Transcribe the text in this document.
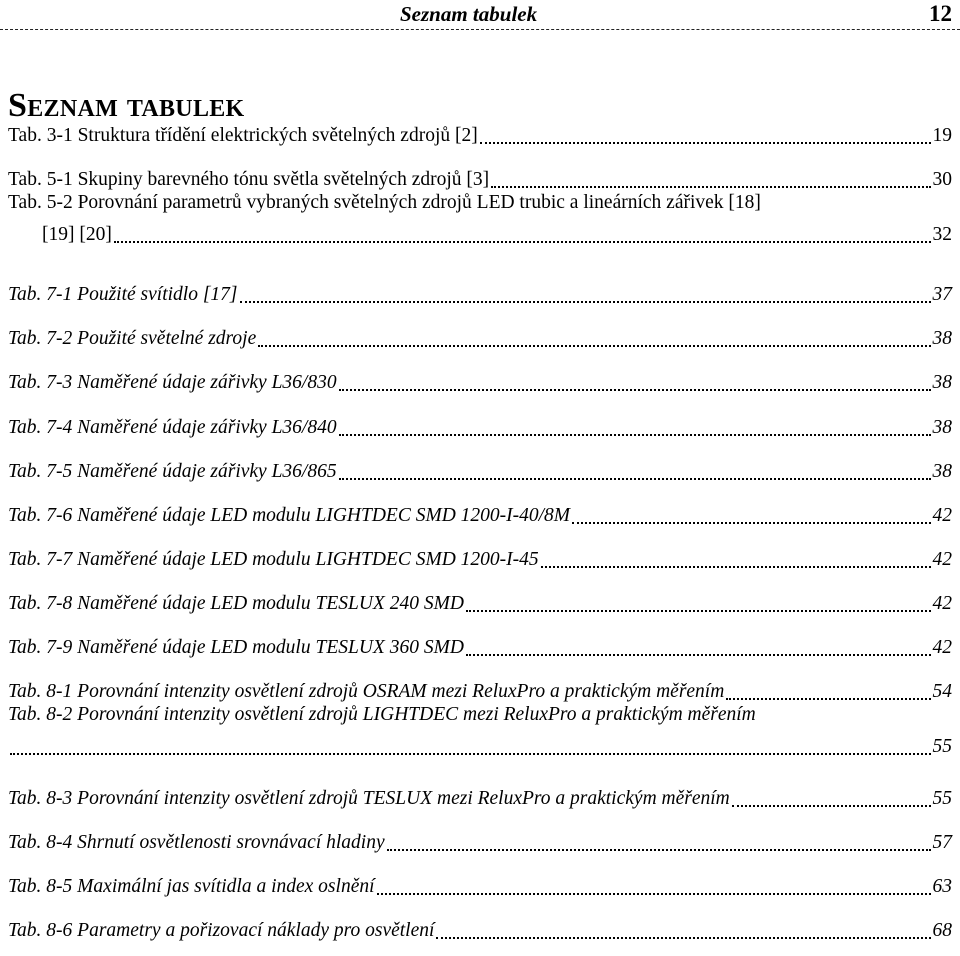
Seznam tabulek	12
Seznam tabulek
Tab. 3-1 Struktura třídění elektrických světelných zdrojů [2]	19
Tab. 5-1 Skupiny barevného tónu světla světelných zdrojů [3]	30
Tab. 5-2 Porovnání parametrů vybraných světelných zdrojů LED trubic a lineárních zářivek [18]
[19] [20]	32
Tab. 7-1 Použité svítidlo [17]	37
Tab. 7-2 Použité světelné zdroje	38
Tab. 7-3 Naměřené údaje zářivky L36/830	38
Tab. 7-4 Naměřené údaje zářivky L36/840	38
Tab. 7-5 Naměřené údaje zářivky L36/865	38
Tab. 7-6 Naměřené údaje LED modulu LIGHTDEC SMD 1200-I-40/8M	42
Tab. 7-7 Naměřené údaje LED modulu LIGHTDEC SMD 1200-I-45	42
Tab. 7-8 Naměřené údaje LED modulu TESLUX 240 SMD	42
Tab. 7-9 Naměřené údaje LED modulu TESLUX 360 SMD	42
Tab. 8-1 Porovnání intenzity osvětlení zdrojů OSRAM mezi ReluxPro a praktickým měřením	54
Tab. 8-2 Porovnání intenzity osvětlení zdrojů LIGHTDEC mezi ReluxPro a praktickým měřením
55
Tab. 8-3 Porovnání intenzity osvětlení zdrojů TESLUX mezi ReluxPro a praktickým měřením	55
Tab. 8-4 Shrnutí osvětlenosti srovnávací hladiny	57
Tab. 8-5 Maximální jas svítidla a index oslnění	63
Tab. 8-6 Parametry a pořizovací náklady pro osvětlení	68
